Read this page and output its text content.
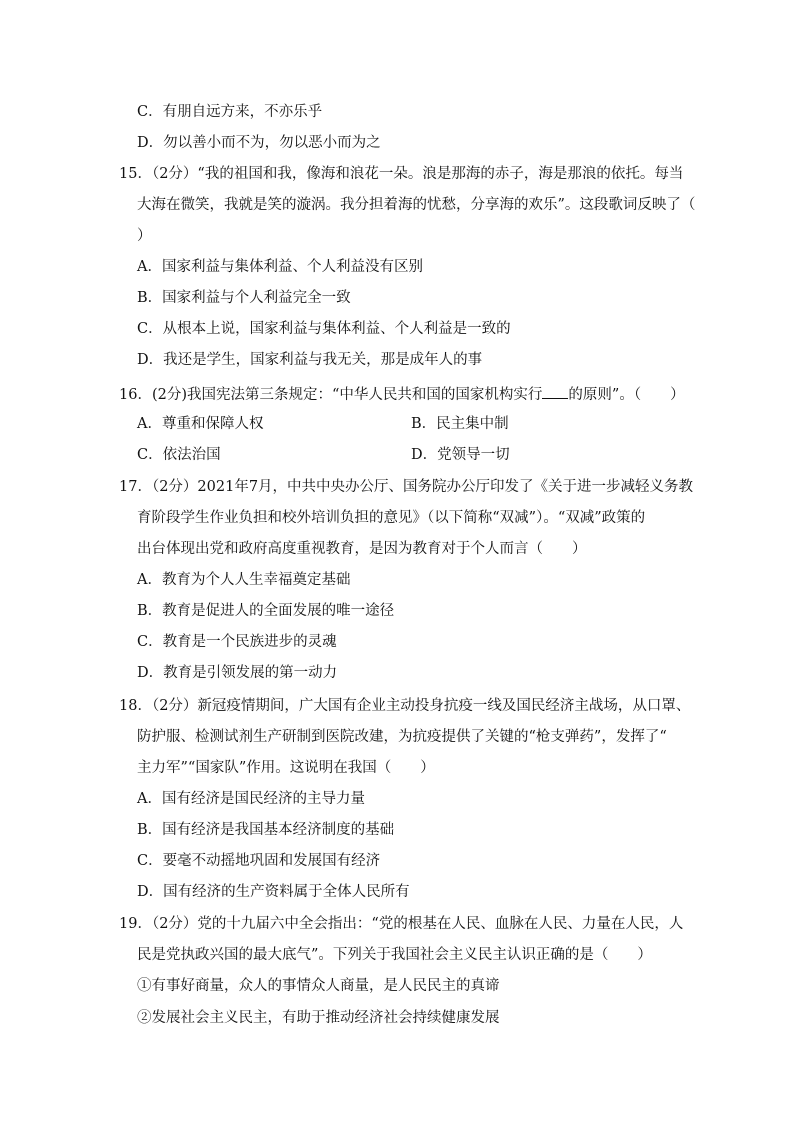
C．有朋自远方来，不亦乐乎
D．勿以善小而不为，勿以恶小而为之
15．（2分）“我的祖国和我，像海和浪花一朵。浪是那海的赤子，海是那浪的依托。每当
大海在微笑，我就是笑的漩涡。我分担着海的忧愁，分享海的欢乐”。这段歌词反映了（
）
A．国家利益与集体利益、个人利益没有区别
B．国家利益与个人利益完全一致
C．从根本上说，国家利益与集体利益、个人利益是一致的
D．我还是学生，国家利益与我无关，那是成年人的事
16．(2分)我国宪法第三条规定：“中华人民共和国的国家机构实行 的原则”。（　　）
A．尊重和保障人权	B．民主集中制
C．依法治国	D．党领导一切
17．（2分）2021年7月，中共中央办公厅、国务院办公厅印发了《关于进一步减轻义务教
育阶段学生作业负担和校外培训负担的意见》（以下简称“双减”）。“双减”政策的
出台体现出党和政府高度重视教育，是因为教育对于个人而言（　　）
A．教育为个人人生幸福奠定基础
B．教育是促进人的全面发展的唯一途径
C．教育是一个民族进步的灵魂
D．教育是引领发展的第一动力
18．（2分）新冠疫情期间，广大国有企业主动投身抗疫一线及国民经济主战场，从口罩、
防护服、检测试剂生产研制到医院改建，为抗疫提供了关键的“枪支弹药”，发挥了“
主力军”“国家队”作用。这说明在我国（　　）
A．国有经济是国民经济的主导力量
B．国有经济是我国基本经济制度的基础
C．要毫不动摇地巩固和发展国有经济
D．国有经济的生产资料属于全体人民所有
19．（2分）党的十九届六中全会指出：“党的根基在人民、血脉在人民、力量在人民，人
民是党执政兴国的最大底气”。下列关于我国社会主义民主认识正确的是（　　）
①有事好商量，众人的事情众人商量，是人民民主的真谛
②发展社会主义民主，有助于推动经济社会持续健康发展
